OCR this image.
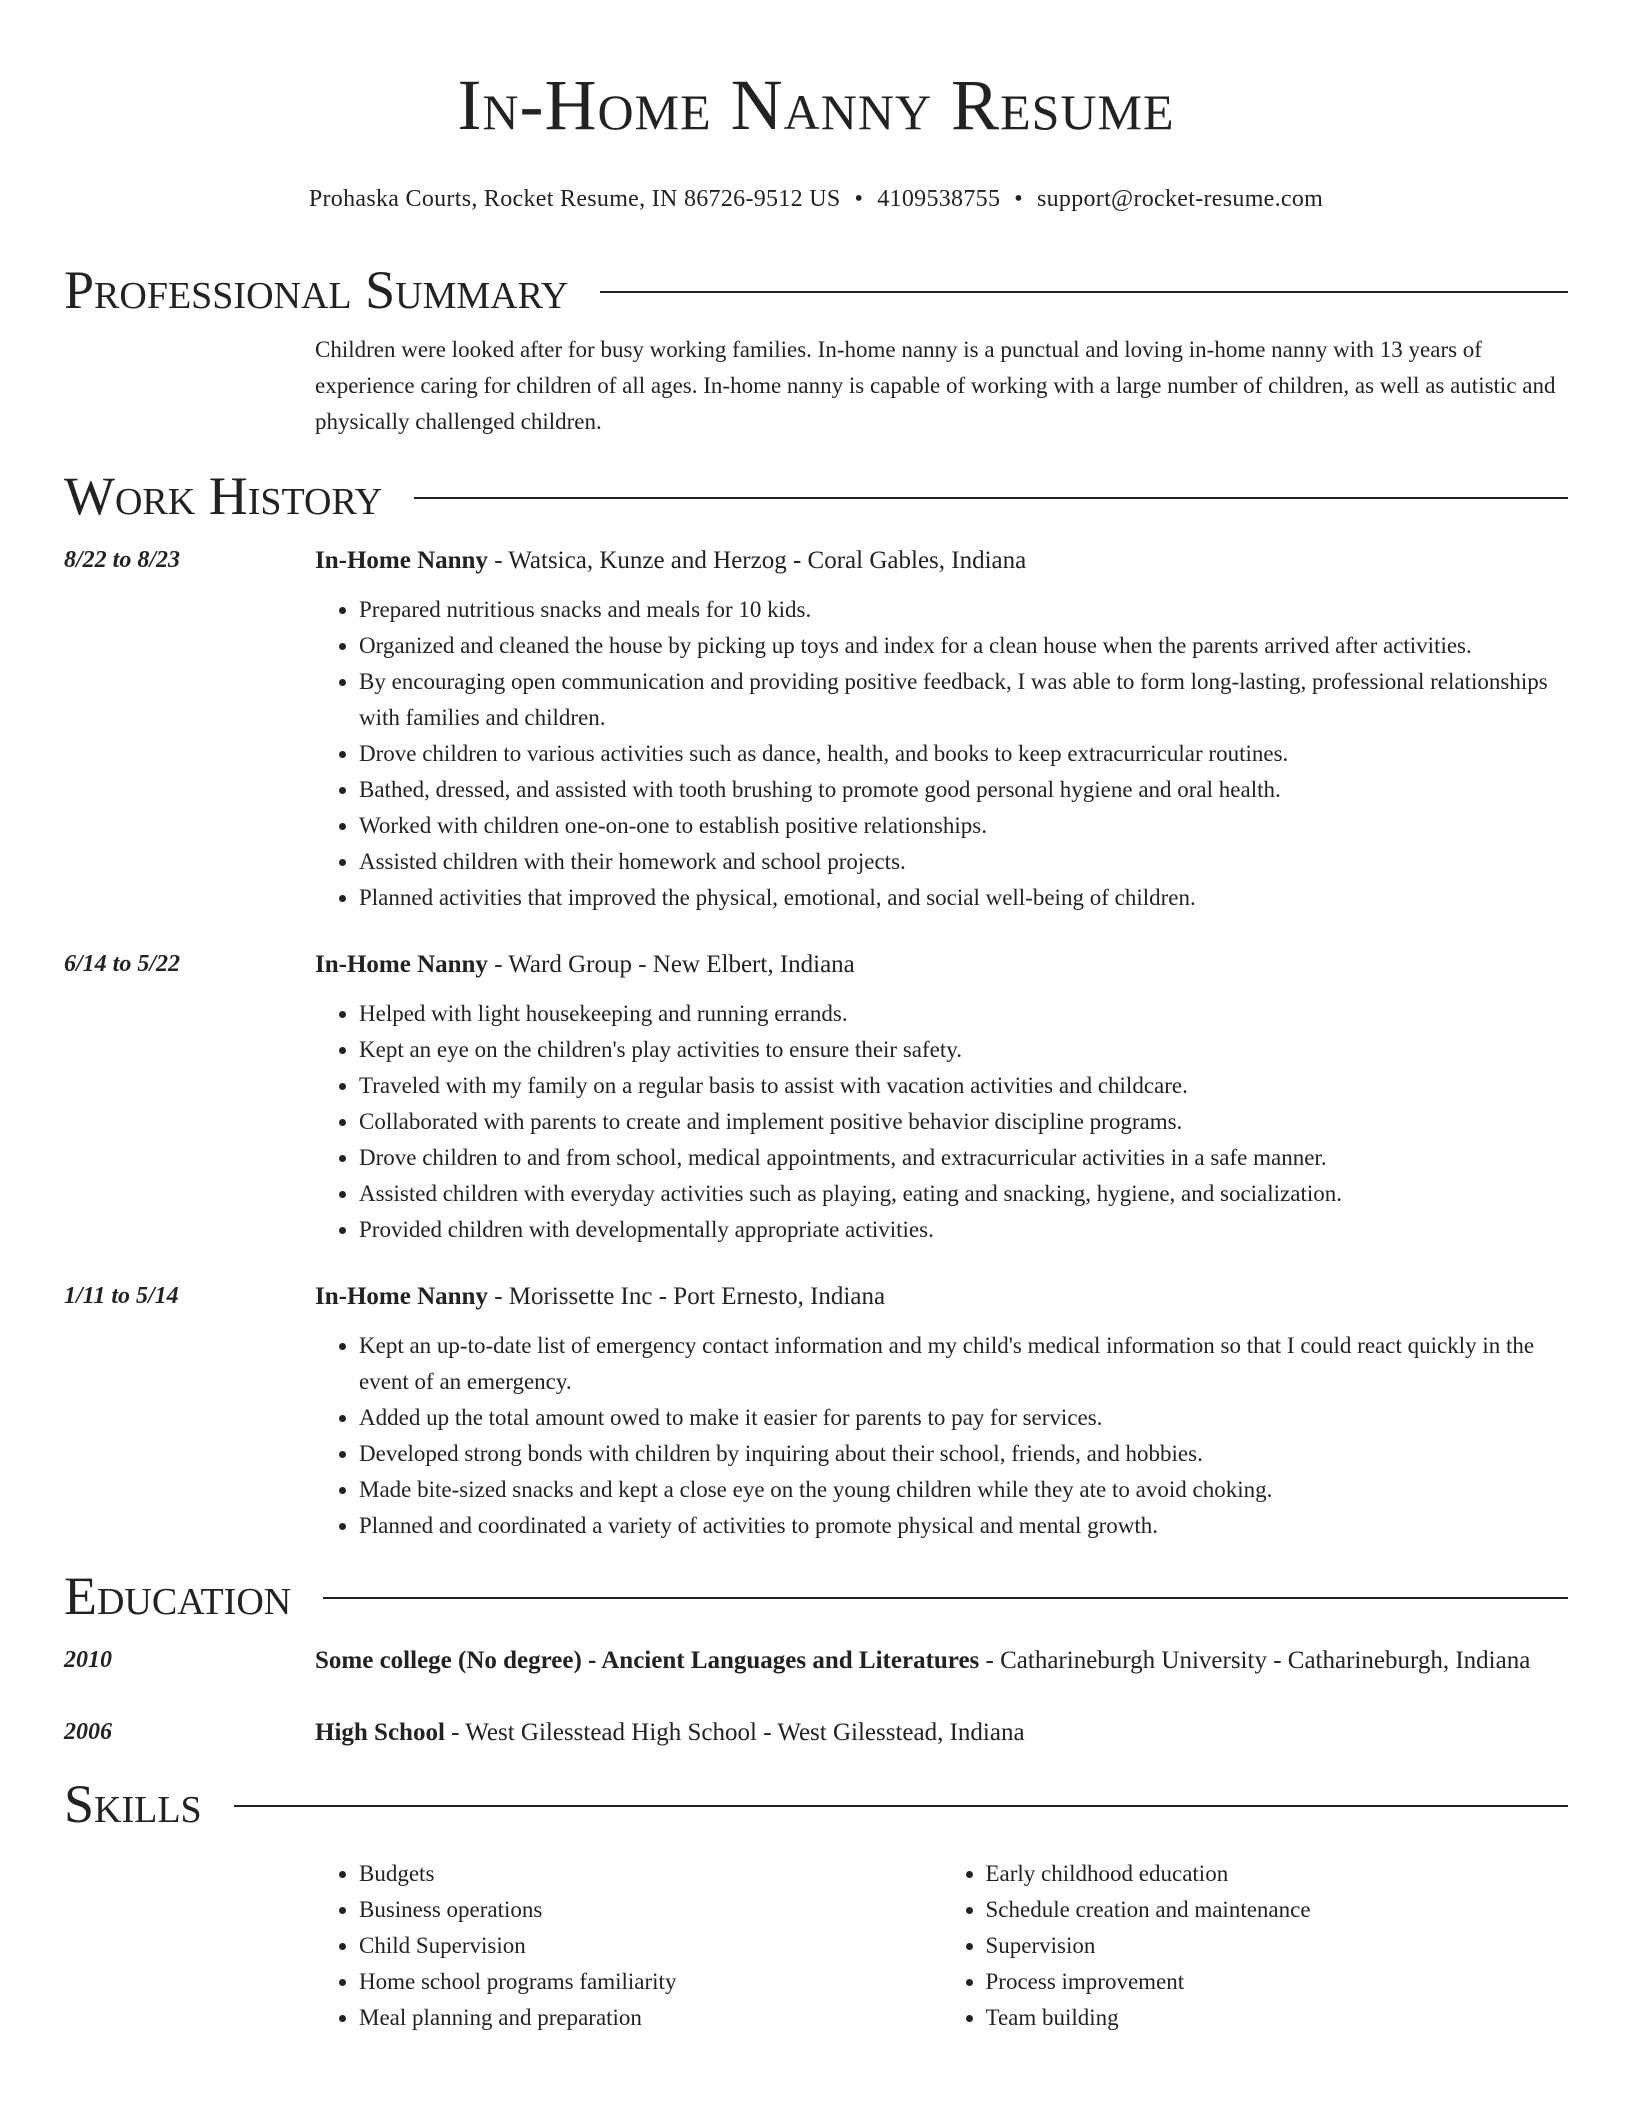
In-Home Nanny Resume
Prohaska Courts, Rocket Resume, IN 86726-9512 US • 4109538755 • support@rocket-resume.com
Professional Summary
Children were looked after for busy working families. In-home nanny is a punctual and loving in-home nanny with 13 years of experience caring for children of all ages. In-home nanny is capable of working with a large number of children, as well as autistic and physically challenged children.
Work History
8/22 to 8/23	In-Home Nanny - Watsica, Kunze and Herzog - Coral Gables, Indiana
• Prepared nutritious snacks and meals for 10 kids.
• Organized and cleaned the house by picking up toys and index for a clean house when the parents arrived after activities.
• By encouraging open communication and providing positive feedback, I was able to form long-lasting, professional relationships with families and children.
• Drove children to various activities such as dance, health, and books to keep extracurricular routines.
• Bathed, dressed, and assisted with tooth brushing to promote good personal hygiene and oral health.
• Worked with children one-on-one to establish positive relationships.
• Assisted children with their homework and school projects.
• Planned activities that improved the physical, emotional, and social well-being of children.
6/14 to 5/22	In-Home Nanny - Ward Group - New Elbert, Indiana
• Helped with light housekeeping and running errands.
• Kept an eye on the children's play activities to ensure their safety.
• Traveled with my family on a regular basis to assist with vacation activities and childcare.
• Collaborated with parents to create and implement positive behavior discipline programs.
• Drove children to and from school, medical appointments, and extracurricular activities in a safe manner.
• Assisted children with everyday activities such as playing, eating and snacking, hygiene, and socialization.
• Provided children with developmentally appropriate activities.
1/11 to 5/14	In-Home Nanny - Morissette Inc - Port Ernesto, Indiana
• Kept an up-to-date list of emergency contact information and my child's medical information so that I could react quickly in the event of an emergency.
• Added up the total amount owed to make it easier for parents to pay for services.
• Developed strong bonds with children by inquiring about their school, friends, and hobbies.
• Made bite-sized snacks and kept a close eye on the young children while they ate to avoid choking.
• Planned and coordinated a variety of activities to promote physical and mental growth.
Education
2010	Some college (No degree) - Ancient Languages and Literatures - Catharineburgh University - Catharineburgh, Indiana
2006	High School - West Gilesstead High School - West Gilesstead, Indiana
Skills
• Budgets
• Business operations
• Child Supervision
• Home school programs familiarity
• Meal planning and preparation
• Early childhood education
• Schedule creation and maintenance
• Supervision
• Process improvement
• Team building
